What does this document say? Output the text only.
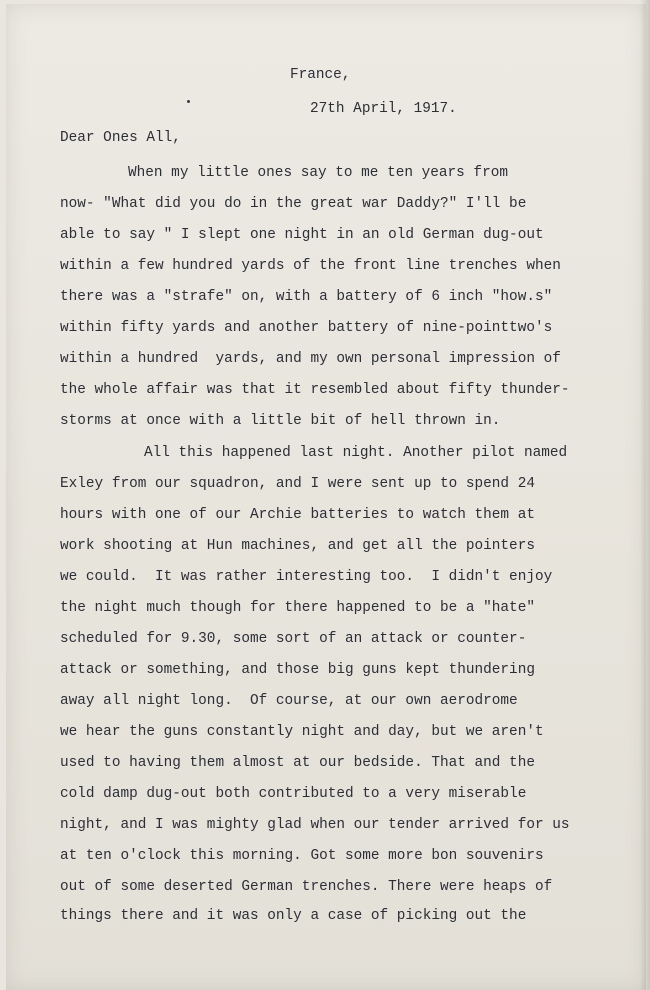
France,
27th April, 1917.
Dear Ones All,
When my little ones say to me ten years from
now- "What did you do in the great war Daddy?" I'll be
able to say " I slept one night in an old German dug-out
within a few hundred yards of the front line trenches when
there was a "strafe" on, with a battery of 6 inch "how.s"
within fifty yards and another battery of nine-pointtwo's
within a hundred  yards, and my own personal impression of
the whole affair was that it resembled about fifty thunder-
storms at once with a little bit of hell thrown in.
All this happened last night. Another pilot named
Exley from our squadron, and I were sent up to spend 24
hours with one of our Archie batteries to watch them at
work shooting at Hun machines, and get all the pointers
we could.  It was rather interesting too.  I didn't enjoy
the night much though for there happened to be a "hate"
scheduled for 9.30, some sort of an attack or counter-
attack or something, and those big guns kept thundering
away all night long.  Of course, at our own aerodrome
we hear the guns constantly night and day, but we aren't
used to having them almost at our bedside. That and the
cold damp dug-out both contributed to a very miserable
night, and I was mighty glad when our tender arrived for us
at ten o'clock this morning. Got some more bon souvenirs
out of some deserted German trenches. There were heaps of
things there and it was only a case of picking out the
